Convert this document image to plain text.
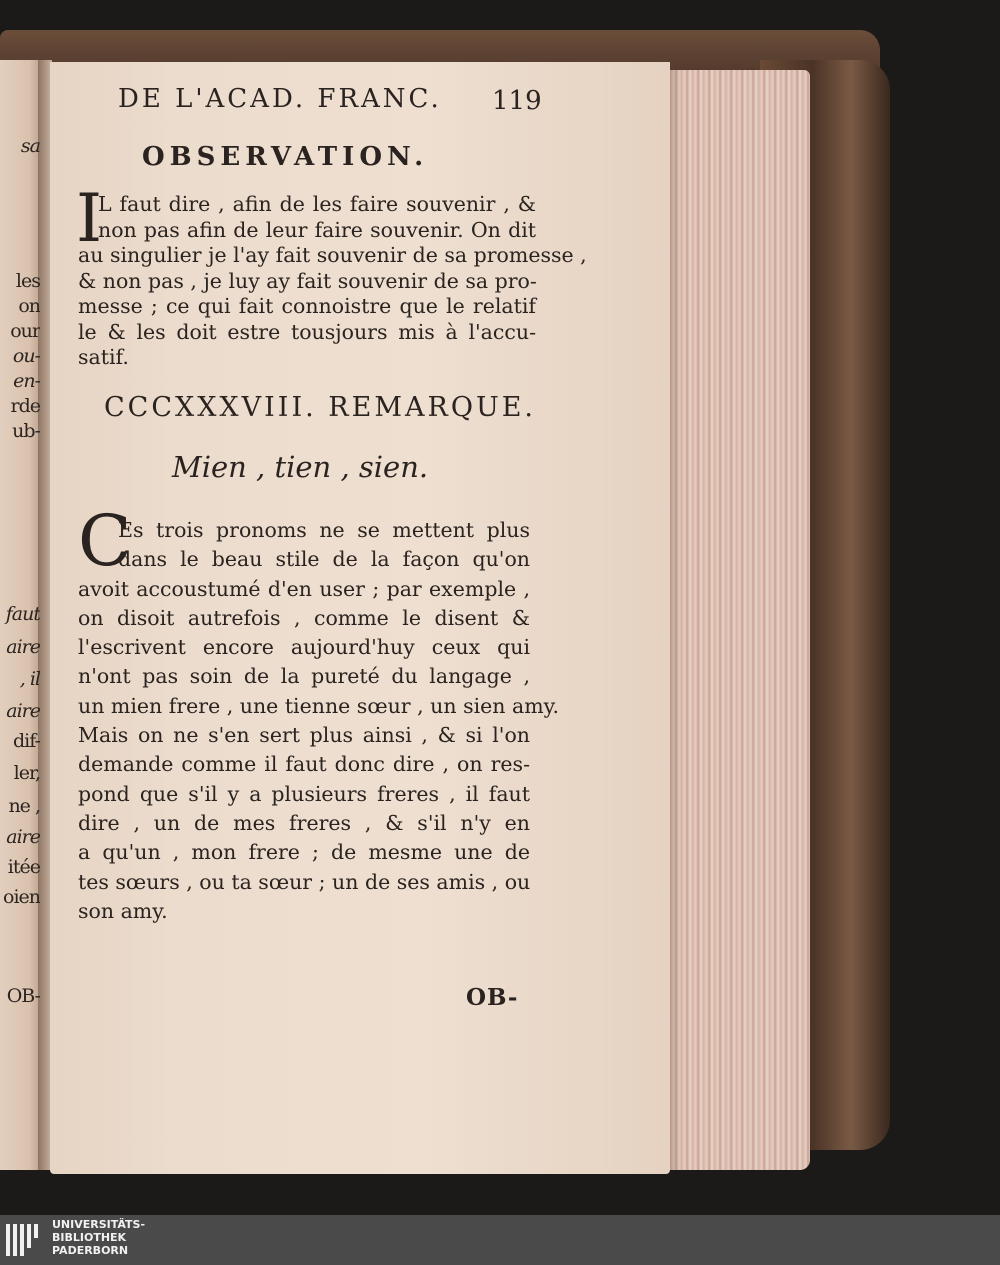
sa
les
on
our
ou-
en-
rde
ub-
faut
aire
, il
aire
dif-
ler,
ne ,
aire
itée
oien
OB-
DE L'ACAD. FRANC. 119
OBSERVATION.
I
L faut dire , afin de les faire souvenir , &
non pas afin de leur faire souvenir. On dit
au singulier je l'ay fait souvenir de sa promesse ,
& non pas , je luy ay fait souvenir de sa pro-
messe ; ce qui fait connoistre que le relatif
le & les doit estre tousjours mis à l'accu-
satif.
CCCXXXVIII. REMARQUE.
Mien , tien , sien.
C
Es trois pronoms ne se mettent plus
dans le beau stile de la façon qu'on
avoit accoustumé d'en user ; par exemple ,
on disoit autrefois , comme le disent &
l'escrivent encore aujourd'huy ceux qui
n'ont pas soin de la pureté du langage ,
un mien frere , une tienne sœur , un sien amy.
Mais on ne s'en sert plus ainsi , & si l'on
demande comme il faut donc dire , on res-
pond que s'il y a plusieurs freres , il faut
dire , un de mes freres , & s'il n'y en
a qu'un , mon frere ; de mesme une de
tes sœurs , ou ta sœur ; un de ses amis , ou
son amy.
OB-
UNIVERSITÄTS-
BIBLIOTHEK
PADERBORN
